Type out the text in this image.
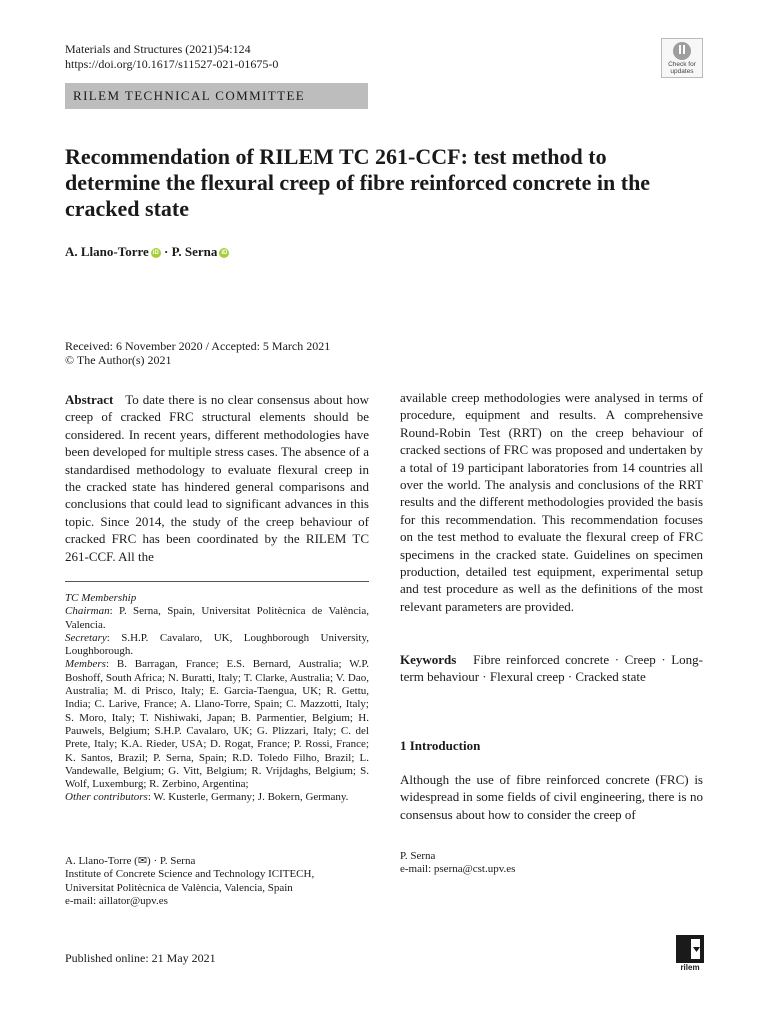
Materials and Structures (2021)54:124
https://doi.org/10.1617/s11527-021-01675-0	Check for
updates
RILEM TECHNICAL COMMITTEE
Recommendation of RILEM TC 261-CCF: test method to determine the flexural creep of fibre reinforced concrete in the cracked state
A. Llano-Torre iD · P. Serna iD
Received: 6 November 2020 / Accepted: 5 March 2021
© The Author(s) 2021
Abstract To date there is no clear consensus about how creep of cracked FRC structural elements should be considered. In recent years, different methodologies have been developed for multiple stress cases. The absence of a standardised methodology to evaluate flexural creep in the cracked state has hindered general comparisons and conclusions that could lead to significant advances in this topic. Since 2014, the study of the creep behaviour of cracked FRC has been coordinated by the RILEM TC 261-CCF. All the
TC Membership
Chairman: P. Serna, Spain, Universitat Politècnica de València, Valencia.
Secretary: S.H.P. Cavalaro, UK, Loughborough University, Loughborough.
Members: B. Barragan, France; E.S. Bernard, Australia; W.P. Boshoff, South Africa; N. Buratti, Italy; T. Clarke, Australia; V. Dao, Australia; M. di Prisco, Italy; E. Garcia-Taengua, UK; R. Gettu, India; C. Larive, France; A. Llano-Torre, Spain; C. Mazzotti, Italy; S. Moro, Italy; T. Nishiwaki, Japan; B. Parmentier, Belgium; H. Pauwels, Belgium; S.H.P. Cavalaro, UK; G. Plizzari, Italy; C. del Prete, Italy; K.A. Rieder, USA; D. Rogat, France; P. Rossi, France; K. Santos, Brazil; P. Serna, Spain; R.D. Toledo Filho, Brazil; L. Vandewalle, Belgium; G. Vitt, Belgium; R. Vrijdaghs, Belgium; S. Wolf, Luxemburg; R. Zerbino, Argentina;
Other contributors: W. Kusterle, Germany; J. Bokern, Germany.
A. Llano-Torre (✉) · P. Serna
Institute of Concrete Science and Technology ICITECH,
Universitat Politècnica de València, Valencia, Spain
e-mail: aillator@upv.es
available creep methodologies were analysed in terms of procedure, equipment and results. A comprehensive Round-Robin Test (RRT) on the creep behaviour of cracked sections of FRC was proposed and undertaken by a total of 19 participant laboratories from 14 countries all over the world. The analysis and conclusions of the RRT results and the different methodologies provided the basis for this recommendation. This recommendation focuses on the test method to evaluate the flexural creep of FRC specimens in the cracked state. Guidelines on specimen production, detailed test equipment, experimental setup and test procedure as well as the definitions of the most relevant parameters are provided.
Keywords Fibre reinforced concrete · Creep · Long-term behaviour · Flexural creep · Cracked state
1 Introduction
Although the use of fibre reinforced concrete (FRC) is widespread in some fields of civil engineering, there is no consensus about how to consider the creep of
P. Serna
e-mail: pserna@cst.upv.es
Published online: 21 May 2021
rilem
